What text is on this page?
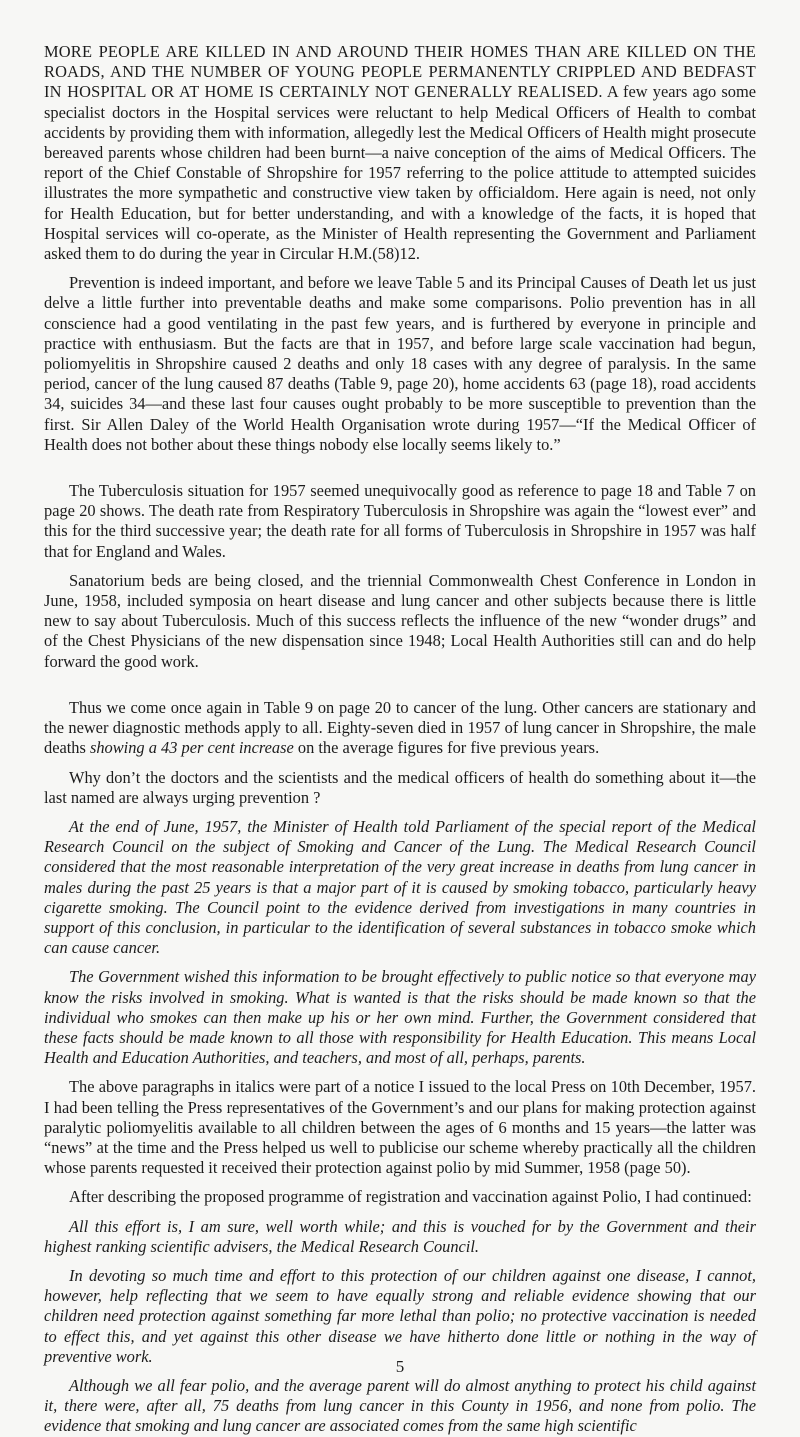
MORE PEOPLE ARE KILLED IN AND AROUND THEIR HOMES THAN ARE KILLED ON THE ROADS, AND THE NUMBER OF YOUNG PEOPLE PERMANENTLY CRIPPLED AND BEDFAST IN HOSPITAL OR AT HOME IS CERTAINLY NOT GENERALLY REALISED. A few years ago some specialist doctors in the Hospital services were reluctant to help Medical Officers of Health to combat accidents by providing them with information, allegedly lest the Medical Officers of Health might prosecute bereaved parents whose children had been burnt—a naive conception of the aims of Medical Officers. The report of the Chief Constable of Shropshire for 1957 referring to the police attitude to attempted suicides illustrates the more sympathetic and constructive view taken by officialdom. Here again is need, not only for Health Education, but for better understanding, and with a knowledge of the facts, it is hoped that Hospital services will co-operate, as the Minister of Health representing the Government and Parliament asked them to do during the year in Circular H.M.(58)12.

Prevention is indeed important, and before we leave Table 5 and its Principal Causes of Death let us just delve a little further into preventable deaths and make some comparisons. Polio prevention has in all conscience had a good ventilating in the past few years, and is furthered by everyone in principle and practice with enthusiasm. But the facts are that in 1957, and before large scale vaccination had begun, poliomyelitis in Shropshire caused 2 deaths and only 18 cases with any degree of paralysis. In the same period, cancer of the lung caused 87 deaths (Table 9, page 20), home accidents 63 (page 18), road accidents 34, suicides 34—and these last four causes ought probably to be more susceptible to prevention than the first. Sir Allen Daley of the World Health Organisation wrote during 1957—“If the Medical Officer of Health does not bother about these things nobody else locally seems likely to.”

The Tuberculosis situation for 1957 seemed unequivocally good as reference to page 18 and Table 7 on page 20 shows. The death rate from Respiratory Tuberculosis in Shropshire was again the “lowest ever” and this for the third successive year; the death rate for all forms of Tuberculosis in Shropshire in 1957 was half that for England and Wales.

Sanatorium beds are being closed, and the triennial Commonwealth Chest Conference in London in June, 1958, included symposia on heart disease and lung cancer and other subjects because there is little new to say about Tuberculosis. Much of this success reflects the influence of the new “wonder drugs” and of the Chest Physicians of the new dispensation since 1948; Local Health Authorities still can and do help forward the good work.

Thus we come once again in Table 9 on page 20 to cancer of the lung. Other cancers are stationary and the newer diagnostic methods apply to all. Eighty-seven died in 1957 of lung cancer in Shropshire, the male deaths showing a 43 per cent increase on the average figures for five previous years.

Why don’t the doctors and the scientists and the medical officers of health do something about it—the last named are always urging prevention ?

At the end of June, 1957, the Minister of Health told Parliament of the special report of the Medical Research Council on the subject of Smoking and Cancer of the Lung. The Medical Research Council considered that the most reasonable interpretation of the very great increase in deaths from lung cancer in males during the past 25 years is that a major part of it is caused by smoking tobacco, particularly heavy cigarette smoking. The Council point to the evidence derived from investigations in many countries in support of this conclusion, in particular to the identification of several substances in tobacco smoke which can cause cancer.

The Government wished this information to be brought effectively to public notice so that everyone may know the risks involved in smoking. What is wanted is that the risks should be made known so that the individual who smokes can then make up his or her own mind. Further, the Government considered that these facts should be made known to all those with responsibility for Health Education. This means Local Health and Education Authorities, and teachers, and most of all, perhaps, parents.

The above paragraphs in italics were part of a notice I issued to the local Press on 10th December, 1957. I had been telling the Press representatives of the Government’s and our plans for making protection against paralytic poliomyelitis available to all children between the ages of 6 months and 15 years—the latter was “news” at the time and the Press helped us well to publicise our scheme whereby practically all the children whose parents requested it received their protection against polio by mid Summer, 1958 (page 50).

After describing the proposed programme of registration and vaccination against Polio, I had continued:

All this effort is, I am sure, well worth while; and this is vouched for by the Government and their highest ranking scientific advisers, the Medical Research Council.

In devoting so much time and effort to this protection of our children against one disease, I cannot, however, help reflecting that we seem to have equally strong and reliable evidence showing that our children need protection against something far more lethal than polio; no protective vaccination is needed to effect this, and yet against this other disease we have hitherto done little or nothing in the way of preventive work.

Although we all fear polio, and the average parent will do almost anything to protect his child against it, there were, after all, 75 deaths from lung cancer in this County in 1956, and none from polio. The evidence that smoking and lung cancer are associated comes from the same high scientific

5
